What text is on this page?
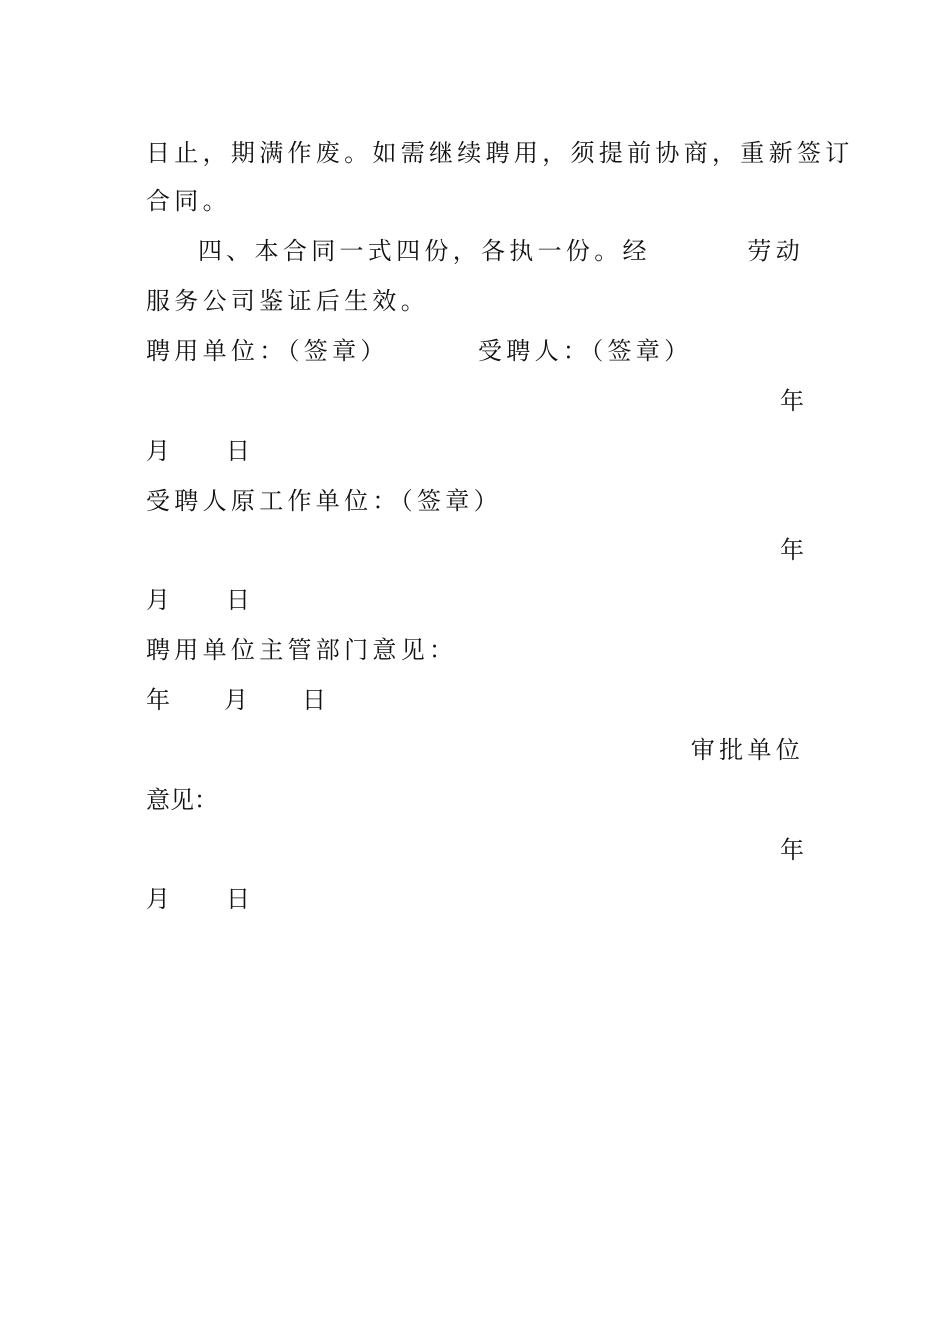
日止，期满作废。如需继续聘用，须提前协商，重新签订
合同。
四、本合同一式四份，各执一份。经	劳动
服务公司鉴证后生效。
聘用单位：（签章）	受聘人：（签章）
年
月 日
受聘人原工作单位：（签章）
年
月 日
聘用单位主管部门意见：
年 月 日
审批单位
意见：
年
月 日
